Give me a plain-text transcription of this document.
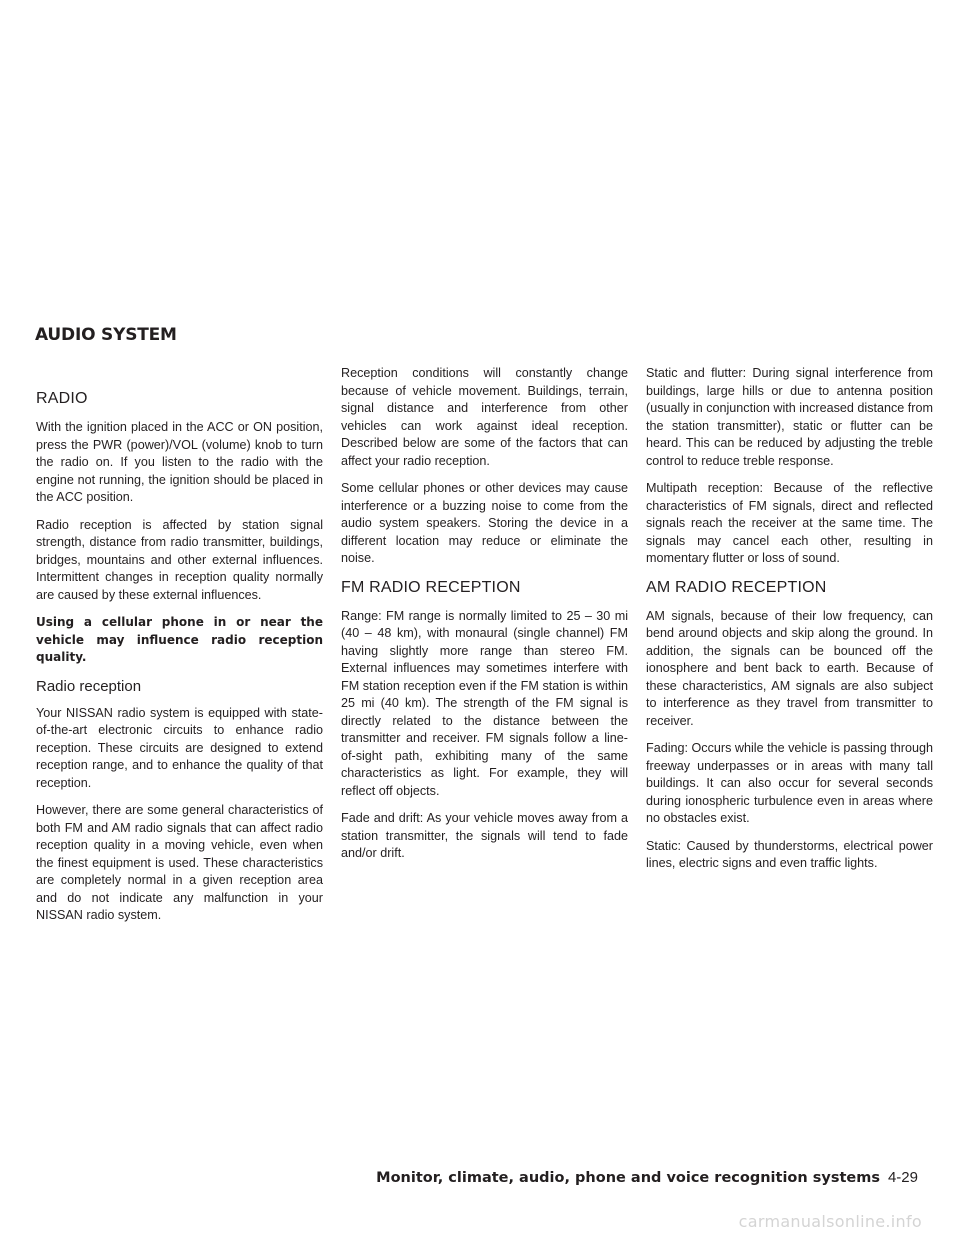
AUDIO SYSTEM
RADIO

With the ignition placed in the ACC or ON position, press the PWR (power)/VOL (volume) knob to turn the radio on. If you listen to the radio with the engine not running, the ignition should be placed in the ACC position.

Radio reception is affected by station signal strength, distance from radio transmitter, buildings, bridges, mountains and other external influences. Intermittent changes in reception quality normally are caused by these external influences.

Using a cellular phone in or near the vehicle may influence radio reception quality.

Radio reception

Your NISSAN radio system is equipped with state-of-the-art electronic circuits to enhance radio reception. These circuits are designed to extend reception range, and to enhance the quality of that reception.

However, there are some general characteristics of both FM and AM radio signals that can affect radio reception quality in a moving vehicle, even when the finest equipment is used. These characteristics are completely normal in a given reception area and do not indicate any malfunction in your NISSAN radio system.

Reception conditions will constantly change because of vehicle movement. Buildings, terrain, signal distance and interference from other vehicles can work against ideal reception. Described below are some of the factors that can affect your radio reception.

Some cellular phones or other devices may cause interference or a buzzing noise to come from the audio system speakers. Storing the device in a different location may reduce or eliminate the noise.

FM RADIO RECEPTION

Range: FM range is normally limited to 25 – 30 mi (40 – 48 km), with monaural (single channel) FM having slightly more range than stereo FM. External influences may sometimes interfere with FM station reception even if the FM station is within 25 mi (40 km). The strength of the FM signal is directly related to the distance between the transmitter and receiver. FM signals follow a line-of-sight path, exhibiting many of the same characteristics as light. For example, they will reflect off objects.

Fade and drift: As your vehicle moves away from a station transmitter, the signals will tend to fade and/or drift.

Static and flutter: During signal interference from buildings, large hills or due to antenna position (usually in conjunction with increased distance from the station transmitter), static or flutter can be heard. This can be reduced by adjusting the treble control to reduce treble response.

Multipath reception: Because of the reflective characteristics of FM signals, direct and reflected signals reach the receiver at the same time. The signals may cancel each other, resulting in momentary flutter or loss of sound.

AM RADIO RECEPTION

AM signals, because of their low frequency, can bend around objects and skip along the ground. In addition, the signals can be bounced off the ionosphere and bent back to earth. Because of these characteristics, AM signals are also subject to interference as they travel from transmitter to receiver.

Fading: Occurs while the vehicle is passing through freeway underpasses or in areas with many tall buildings. It can also occur for several seconds during ionospheric turbulence even in areas where no obstacles exist.

Static: Caused by thunderstorms, electrical power lines, electric signs and even traffic lights.

Monitor, climate, audio, phone and voice recognition systems 4-29
carmanualsonline.info
